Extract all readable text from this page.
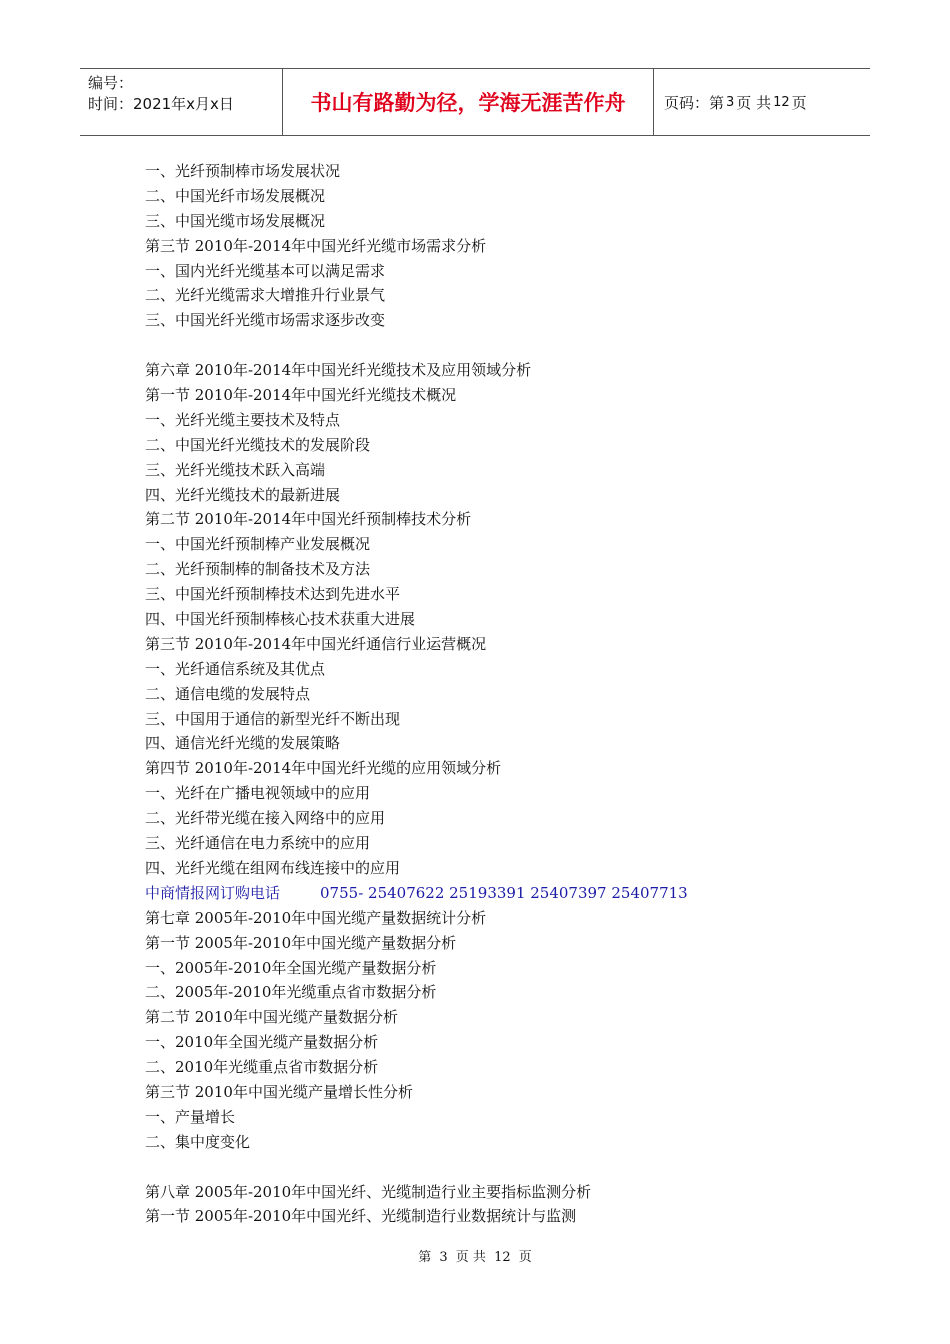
编号：
时间：2021年x月x日	书山有路勤为径，学海无涯苦作舟	页码：第 3 页 共 12 页
一、光纤预制棒市场发展状况
二、中国光纤市场发展概况
三、中国光缆市场发展概况
第三节 2010年-2014年中国光纤光缆市场需求分析
一、国内光纤光缆基本可以满足需求
二、光纤光缆需求大增推升行业景气
三、中国光纤光缆市场需求逐步改变
第六章 2010年-2014年中国光纤光缆技术及应用领域分析
第一节 2010年-2014年中国光纤光缆技术概况
一、光纤光缆主要技术及特点
二、中国光纤光缆技术的发展阶段
三、光纤光缆技术跃入高端
四、光纤光缆技术的最新进展
第二节 2010年-2014年中国光纤预制棒技术分析
一、中国光纤预制棒产业发展概况
二、光纤预制棒的制备技术及方法
三、中国光纤预制棒技术达到先进水平
四、中国光纤预制棒核心技术获重大进展
第三节 2010年-2014年中国光纤通信行业运营概况
一、光纤通信系统及其优点
二、通信电缆的发展特点
三、中国用于通信的新型光纤不断出现
四、通信光纤光缆的发展策略
第四节 2010年-2014年中国光纤光缆的应用领域分析
一、光纤在广播电视领域中的应用
二、光纤带光缆在接入网络中的应用
三、光纤通信在电力系统中的应用
四、光纤光缆在组网布线连接中的应用
中商情报网订购电话	0755- 25407622 25193391 25407397 25407713
第七章 2005年-2010年中国光缆产量数据统计分析
第一节 2005年-2010年中国光缆产量数据分析
一、2005年-2010年全国光缆产量数据分析
二、2005年-2010年光缆重点省市数据分析
第二节 2010年中国光缆产量数据分析
一、2010年全国光缆产量数据分析
二、2010年光缆重点省市数据分析
第三节 2010年中国光缆产量增长性分析
一、产量增长
二、集中度变化
第八章 2005年-2010年中国光纤、光缆制造行业主要指标监测分析
第一节 2005年-2010年中国光纤、光缆制造行业数据统计与监测
第 3 页 共 12 页
